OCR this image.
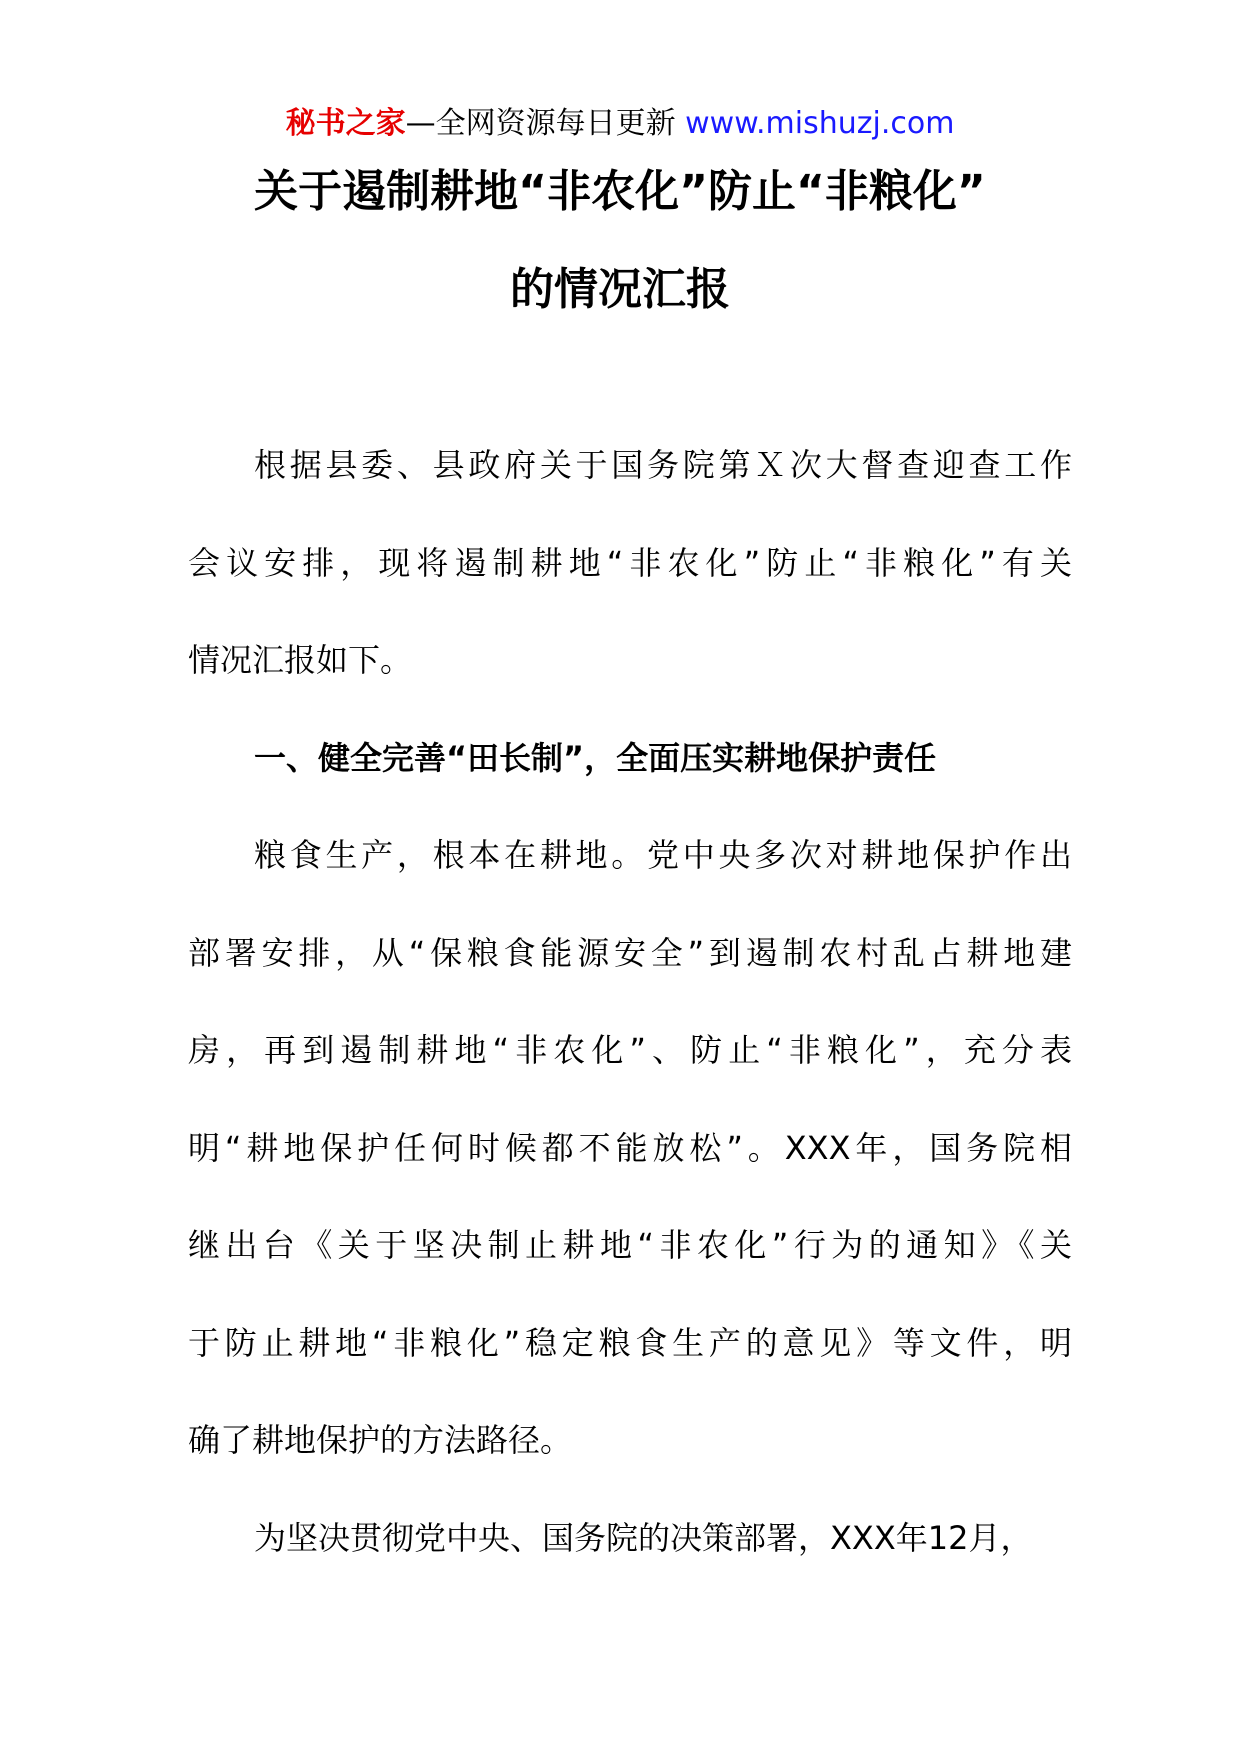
秘书之家—全网资源每日更新 www.mishuzj.com
关于遏制耕地“非农化”防止“非粮化”
的情况汇报
根据县委、县政府关于国务院第Ｘ次大督查迎查工作
会议安排，现将遏制耕地“非农化”防止“非粮化”有关
情况汇报如下。
一、健全完善“田长制”，全面压实耕地保护责任
粮食生产，根本在耕地。党中央多次对耕地保护作出
部署安排，从“保粮食能源安全”到遏制农村乱占耕地建
房，再到遏制耕地“非农化”、防止“非粮化”，充分表
明“耕地保护任何时候都不能放松”。XXX年，国务院相
继出台《关于坚决制止耕地“非农化”行为的通知》《关
于防止耕地“非粮化”稳定粮食生产的意见》等文件，明
确了耕地保护的方法路径。
为坚决贯彻党中央、国务院的决策部署，XXX年12月，
